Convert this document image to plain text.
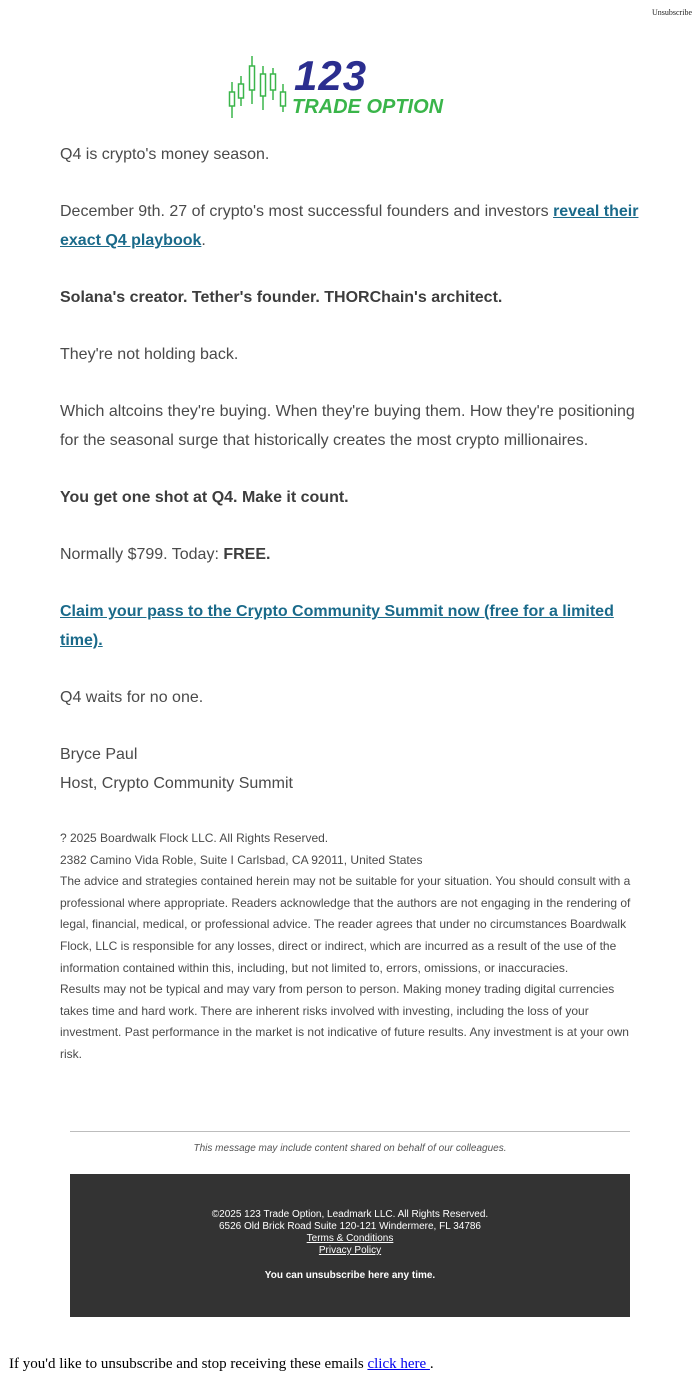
Unsubscribe
123
TRADE OPTION

Q4 is crypto's money season.

December 9th. 27 of crypto's most successful founders and investors reveal their exact Q4 playbook.

Solana's creator. Tether's founder. THORChain's architect.

They're not holding back.

Which altcoins they're buying. When they're buying them. How they're positioning for the seasonal surge that historically creates the most crypto millionaires.

You get one shot at Q4. Make it count.

Normally $799. Today: FREE.

Claim your pass to the Crypto Community Summit now (free for a limited time).

Q4 waits for no one.

Bryce Paul
Host, Crypto Community Summit

? 2025 Boardwalk Flock LLC. All Rights Reserved.
2382 Camino Vida Roble, Suite I Carlsbad, CA 92011, United States
The advice and strategies contained herein may not be suitable for your situation. You should consult with a professional where appropriate. Readers acknowledge that the authors are not engaging in the rendering of legal, financial, medical, or professional advice. The reader agrees that under no circumstances Boardwalk Flock, LLC is responsible for any losses, direct or indirect, which are incurred as a result of the use of the information contained within this, including, but not limited to, errors, omissions, or inaccuracies.
Results may not be typical and may vary from person to person. Making money trading digital currencies takes time and hard work. There are inherent risks involved with investing, including the loss of your investment. Past performance in the market is not indicative of future results. Any investment is at your own risk.
This message may include content shared on behalf of our colleagues.
©2025 123 Trade Option, Leadmark LLC. All Rights Reserved.
6526 Old Brick Road Suite 120-121 Windermere, FL 34786
Terms & Conditions
Privacy Policy
You can unsubscribe here any time.
If you'd like to unsubscribe and stop receiving these emails click here .
